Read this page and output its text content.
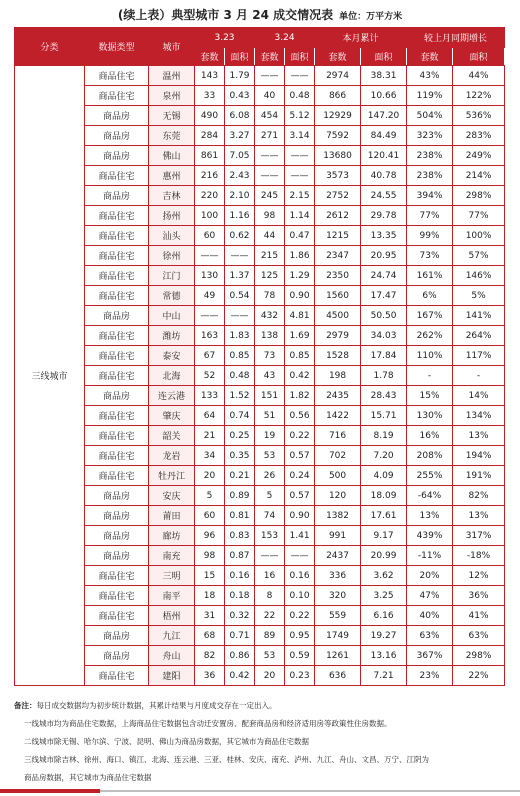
(续上表）典型城市 3 月 24 成交情况表 单位：万平方米
分类	数据类型	城市	3.23		3.24		本月累计		较上月同期增长	
			套数	面积	套数	面积	套数	面积	套数	面积
三线城市	商品住宅	温州	143	1.79	——	——	2974	38.31	43%	44%
	商品住宅	泉州	33	0.43	40	0.48	866	10.66	119%	122%
	商品房	无锡	490	6.08	454	5.12	12929	147.20	504%	536%
	商品房	东莞	284	3.27	271	3.14	7592	84.49	323%	283%
	商品房	佛山	861	7.05	——	——	13680	120.41	238%	249%
	商品住宅	惠州	216	2.43	——	——	3573	40.78	238%	214%
	商品房	吉林	220	2.10	245	2.15	2752	24.55	394%	298%
	商品住宅	扬州	100	1.16	98	1.14	2612	29.78	77%	77%
	商品住宅	汕头	60	0.62	44	0.47	1215	13.35	99%	100%
	商品住宅	徐州	——	——	215	1.86	2347	20.95	73%	57%
	商品住宅	江门	130	1.37	125	1.29	2350	24.74	161%	146%
	商品住宅	常德	49	0.54	78	0.90	1560	17.47	6%	5%
	商品房	中山	——	——	432	4.81	4500	50.50	167%	141%
	商品住宅	潍坊	163	1.83	138	1.69	2979	34.03	262%	264%
	商品住宅	泰安	67	0.85	73	0.85	1528	17.84	110%	117%
	商品住宅	北海	52	0.48	43	0.42	198	1.78	-	-
	商品房	连云港	133	1.52	151	1.82	2435	28.43	15%	14%
	商品住宅	肇庆	64	0.74	51	0.56	1422	15.71	130%	134%
	商品住宅	韶关	21	0.25	19	0.22	716	8.19	16%	13%
	商品住宅	龙岩	34	0.35	53	0.57	702	7.20	208%	194%
	商品住宅	牡丹江	20	0.21	26	0.24	500	4.09	255%	191%
	商品房	安庆	5	0.89	5	0.57	120	18.09	-64%	82%
	商品房	莆田	60	0.81	74	0.90	1382	17.61	13%	13%
	商品房	廊坊	96	0.83	153	1.41	991	9.17	439%	317%
	商品房	南充	98	0.87	——	——	2437	20.99	-11%	-18%
	商品住宅	三明	15	0.16	16	0.16	336	3.62	20%	12%
	商品住宅	南平	18	0.18	8	0.10	320	3.25	47%	36%
	商品住宅	梧州	31	0.32	22	0.22	559	6.16	40%	41%
	商品房	九江	68	0.71	89	0.95	1749	19.27	63%	63%
	商品房	舟山	82	0.86	53	0.59	1261	13.16	367%	298%
	商品住宅	建阳	36	0.42	20	0.23	636	7.21	23%	22%

备注：每日成交数据均为初步统计数据，其累计结果与月度成交存在一定出入。

一线城市均为商品住宅数据，上海商品住宅数据包含动迁安置房、配套商品房和经济适用房等政策性住房数据。

二线城市除无锡、哈尔滨、宁波、昆明、佛山为商品房数据，其它城市为商品住宅数据

三线城市除吉林、徐州、海口、镇江、北海、连云港、三亚、桂林、安庆、南充、泸州、九江、舟山、文昌、万宁、江阴为

商品房数据，其它城市为商品住宅数据
